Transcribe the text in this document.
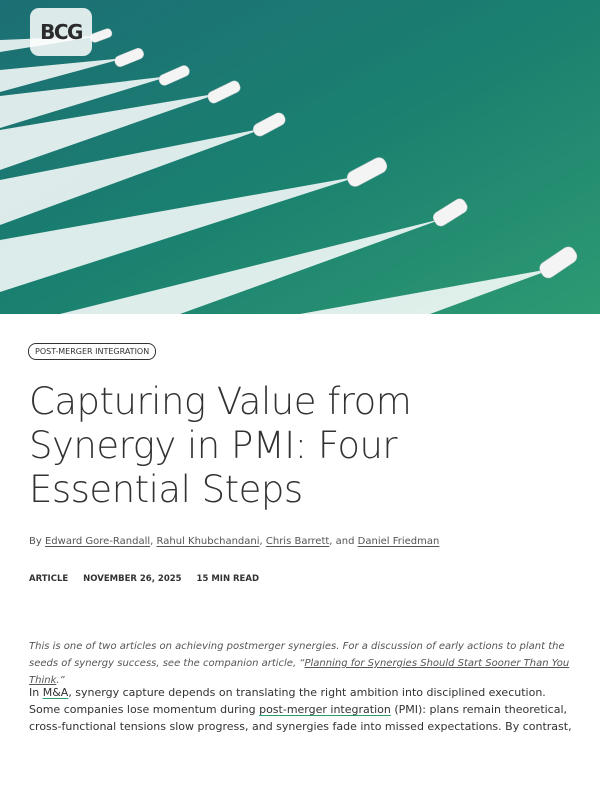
BCG
POST-MERGER INTEGRATION
Capturing Value from
Synergy in PMI: Four
Essential Steps
By Edward Gore-Randall, Rahul Khubchandani, Chris Barrett, and Daniel Friedman
ARTICLE NOVEMBER 26, 2025 15 MIN READ

This is one of two articles on achieving postmerger synergies. For a discussion of early actions to plant the seeds of synergy success, see the companion article, “Planning for Synergies Should Start Sooner Than You Think.”

In M&A, synergy capture depends on translating the right ambition into disciplined execution. Some companies lose momentum during post-merger integration (PMI): plans remain theoretical, cross-functional tensions slow progress, and synergies fade into missed expectations. By contrast,
